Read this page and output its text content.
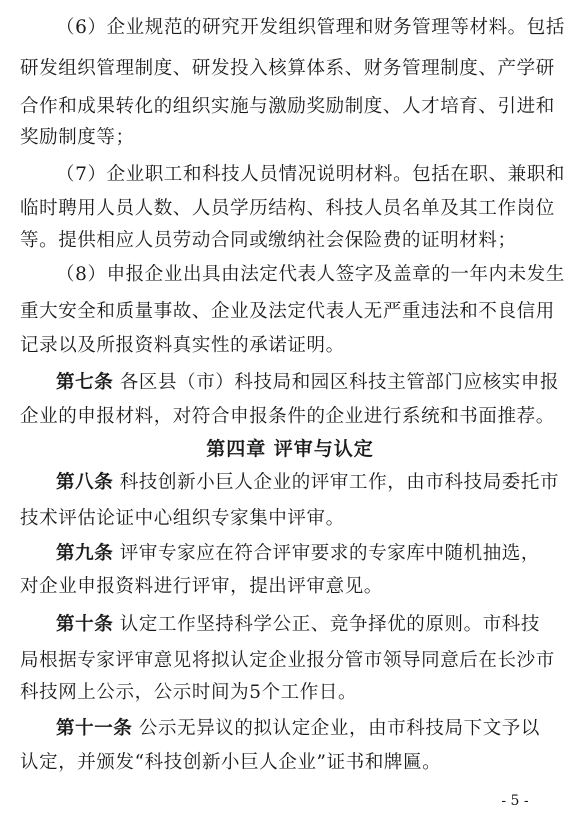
（6）企业规范的研究开发组织管理和财务管理等材料。包括
研发组织管理制度、研发投入核算体系、财务管理制度、产学研
合作和成果转化的组织实施与激励奖励制度、人才培育、引进和
奖励制度等；
（7）企业职工和科技人员情况说明材料。包括在职、兼职和
临时聘用人员人数、人员学历结构、科技人员名单及其工作岗位
等。提供相应人员劳动合同或缴纳社会保险费的证明材料；
（8）申报企业出具由法定代表人签字及盖章的一年内未发生
重大安全和质量事故、企业及法定代表人无严重违法和不良信用
记录以及所报资料真实性的承诺证明。
第七条 各区县（市）科技局和园区科技主管部门应核实申报
企业的申报材料，对符合申报条件的企业进行系统和书面推荐。
第四章 评审与认定
第八条 科技创新小巨人企业的评审工作，由市科技局委托市
技术评估论证中心组织专家集中评审。
第九条 评审专家应在符合评审要求的专家库中随机抽选，
对企业申报资料进行评审，提出评审意见。
第十条 认定工作坚持科学公正、竞争择优的原则。市科技
局根据专家评审意见将拟认定企业报分管市领导同意后在长沙市
科技网上公示，公示时间为5个工作日。
第十一条 公示无异议的拟认定企业，由市科技局下文予以
认定，并颁发“科技创新小巨人企业”证书和牌匾。
- 5 -
